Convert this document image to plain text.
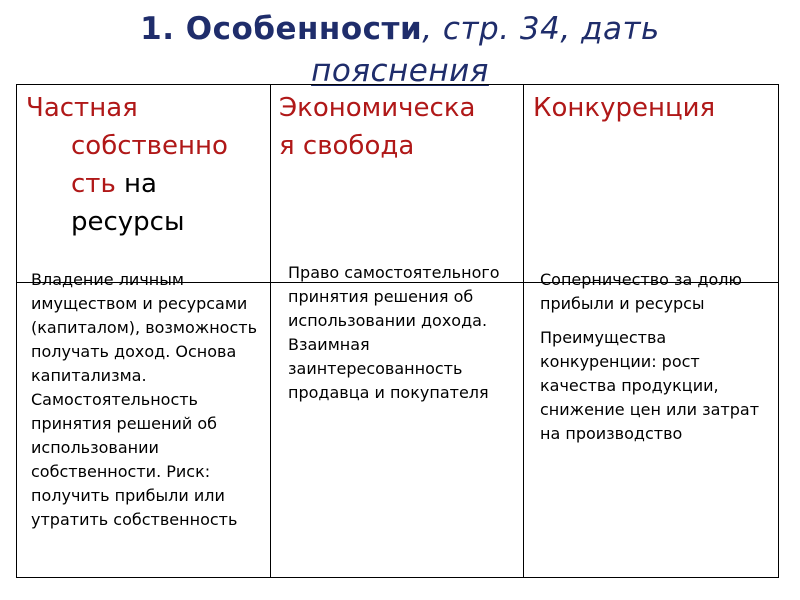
1. Особенности, стр. 34, дать
пояснения
Частная
собственно
сть на
ресурсы
Экономическа
я свобода
Конкуренция

Владение личным имуществом и ресурсами (капиталом), возможность получать доход. Основа капитализма. Самостоятельность принятия решений об использовании собственности. Риск: получить прибыли или утратить собственность

Право самостоятельного принятия решения об использовании дохода. Взаимная заинтересованность продавца и покупателя

Соперничество за долю прибыли и ресурсы

Преимущества конкуренции: рост качества продукции, снижение цен или затрат на производство
